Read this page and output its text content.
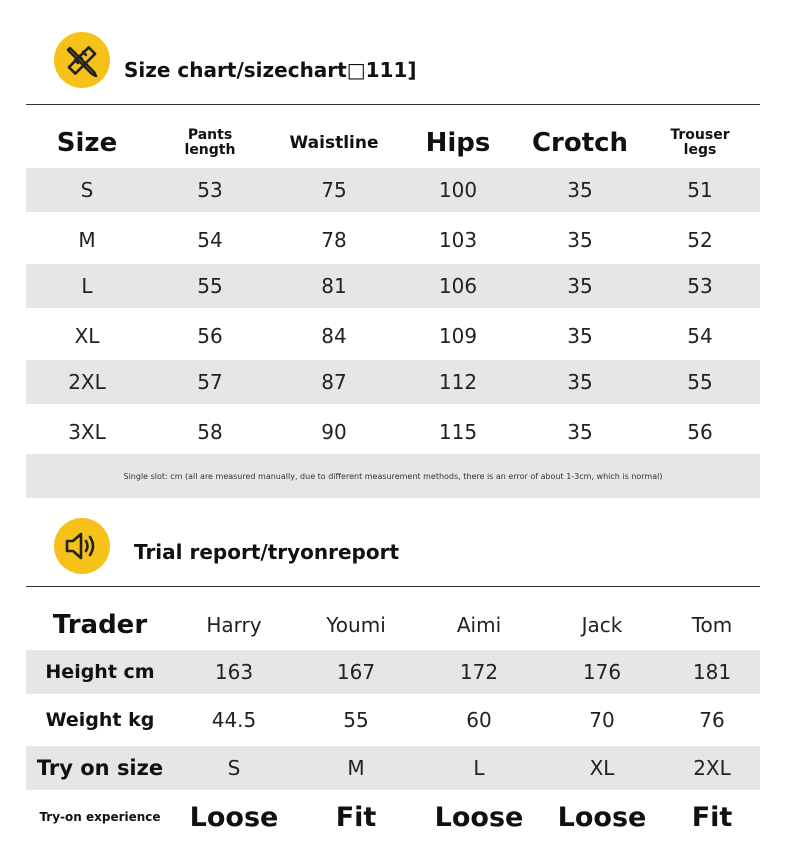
Size chart/sizechart□111]
Size	Pants length	Waistline	Hips	Crotch	Trouser legs
S	53	75	100	35	51
M	54	78	103	35	52
L	55	81	106	35	53
XL	56	84	109	35	54
2XL	57	87	112	35	55
3XL	58	90	115	35	56
Single slot: cm (all are measured manually, due to different measurement methods, there is an error of about 1-3cm, which is normal)
Trial report/tryonreport
Trader	Harry	Youmi	Aimi	Jack	Tom
Height cm	163	167	172	176	181
Weight kg	44.5	55	60	70	76
Try on size	S	M	L	XL	2XL
Try-on experience	Loose	Fit	Loose	Loose	Fit
